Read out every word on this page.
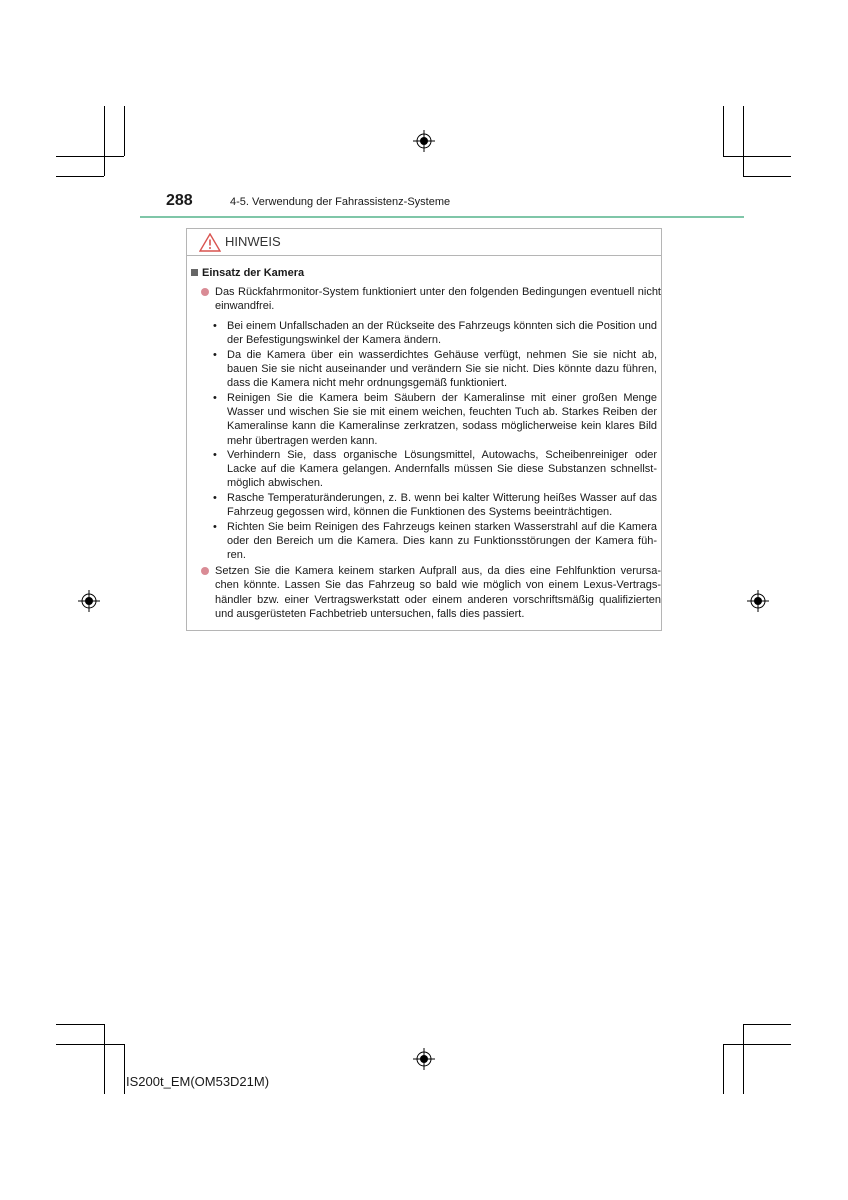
288	4-5. Verwendung der Fahrassistenz-Systeme
HINWEIS
Einsatz der Kamera
Das Rückfahrmonitor-System funktioniert unter den folgenden Bedingungen eventuell nicht einwandfrei.
• Bei einem Unfallschaden an der Rückseite des Fahrzeugs könnten sich die Position und der Befestigungswinkel der Kamera ändern.
• Da die Kamera über ein wasserdichtes Gehäuse verfügt, nehmen Sie sie nicht ab, bauen Sie sie nicht auseinander und verändern Sie sie nicht. Dies könnte dazu führen, dass die Kamera nicht mehr ordnungsgemäß funktioniert.
• Reinigen Sie die Kamera beim Säubern der Kameralinse mit einer großen Menge Wasser und wischen Sie sie mit einem weichen, feuchten Tuch ab. Starkes Reiben der Kameralinse kann die Kameralinse zerkratzen, sodass möglicherweise kein klares Bild mehr übertragen werden kann.
• Verhindern Sie, dass organische Lösungsmittel, Autowachs, Scheibenreiniger oder Lacke auf die Kamera gelangen. Andernfalls müssen Sie diese Substanzen schnellst-möglich abwischen.
• Rasche Temperaturänderungen, z. B. wenn bei kalter Witterung heißes Wasser auf das Fahrzeug gegossen wird, können die Funktionen des Systems beeinträchtigen.
• Richten Sie beim Reinigen des Fahrzeugs keinen starken Wasserstrahl auf die Kamera oder den Bereich um die Kamera. Dies kann zu Funktionsstörungen der Kamera füh-ren.
Setzen Sie die Kamera keinem starken Aufprall aus, da dies eine Fehlfunktion verursa-chen könnte. Lassen Sie das Fahrzeug so bald wie möglich von einem Lexus-Vertrags-händler bzw. einer Vertragswerkstatt oder einem anderen vorschriftsmäßig qualifizierten und ausgerüsteten Fachbetrieb untersuchen, falls dies passiert.
IS200t_EM(OM53D21M)
